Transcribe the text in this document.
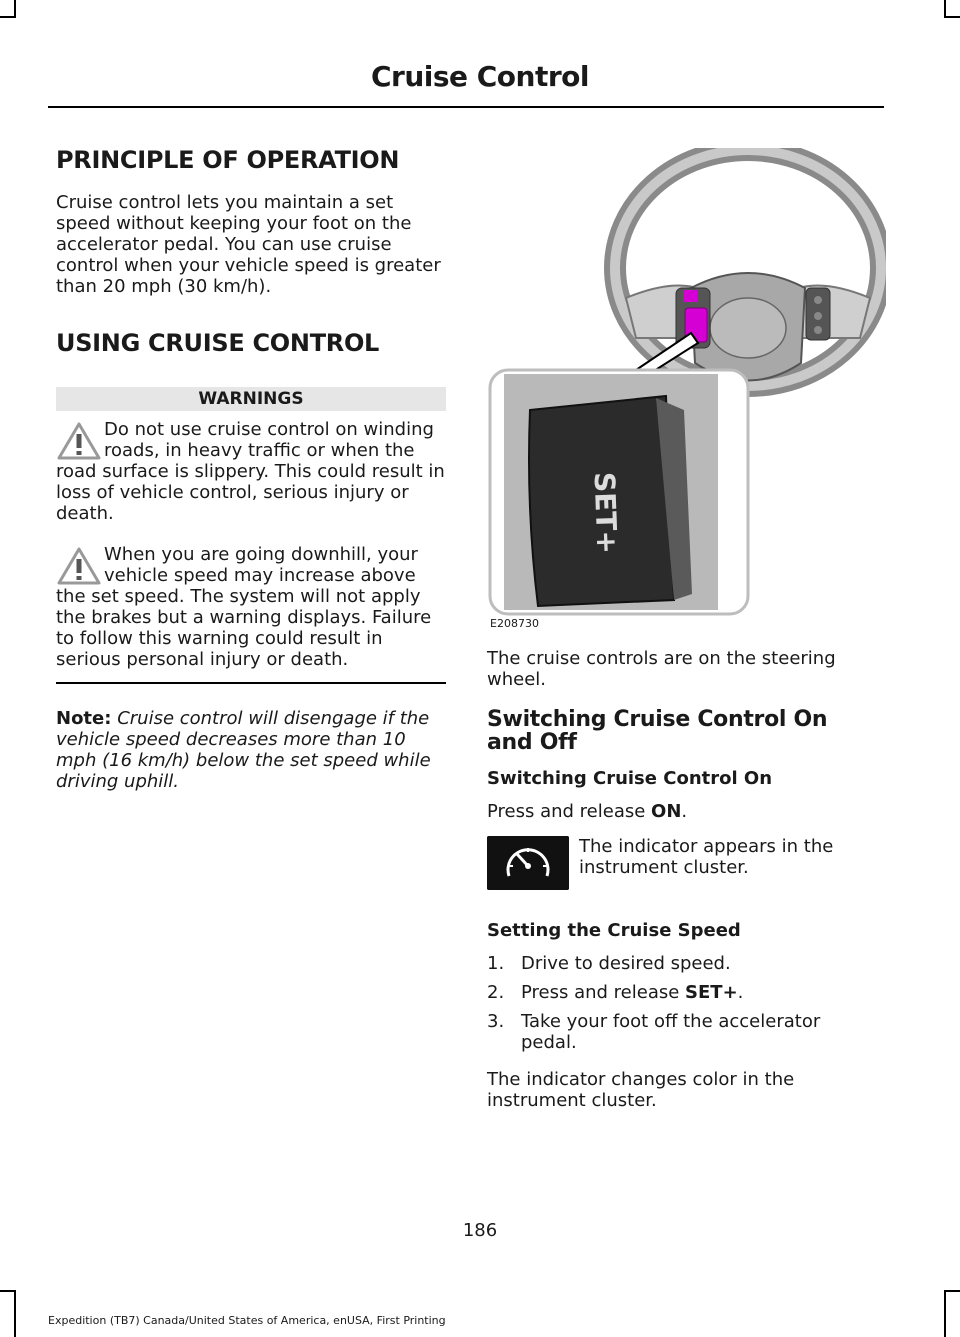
Cruise Control
PRINCIPLE OF OPERATION

Cruise control lets you maintain a set speed without keeping your foot on the accelerator pedal. You can use cruise control when your vehicle speed is greater than 20 mph (30 km/h).

USING CRUISE CONTROL
WARNINGS
Do not use cruise control on winding roads, in heavy traffic or when the road surface is slippery. This could result in loss of vehicle control, serious injury or death.
When you are going downhill, your vehicle speed may increase above the set speed. The system will not apply the brakes but a warning displays. Failure to follow this warning could result in serious personal injury or death.
Note: Cruise control will disengage if the vehicle speed decreases more than 10 mph (16 km/h) below the set speed while driving uphill.
SET+
E208730

The cruise controls are on the steering wheel.

Switching Cruise Control On and Off
Switching Cruise Control On

Press and release ON.

The indicator appears in the instrument cluster.
Setting the Cruise Speed
1. Drive to desired speed.
2. Press and release SET+.
3. Take your foot off the accelerator pedal.

The indicator changes color in the instrument cluster.

186
Expedition (TB7) Canada/United States of America, enUSA, First Printing
